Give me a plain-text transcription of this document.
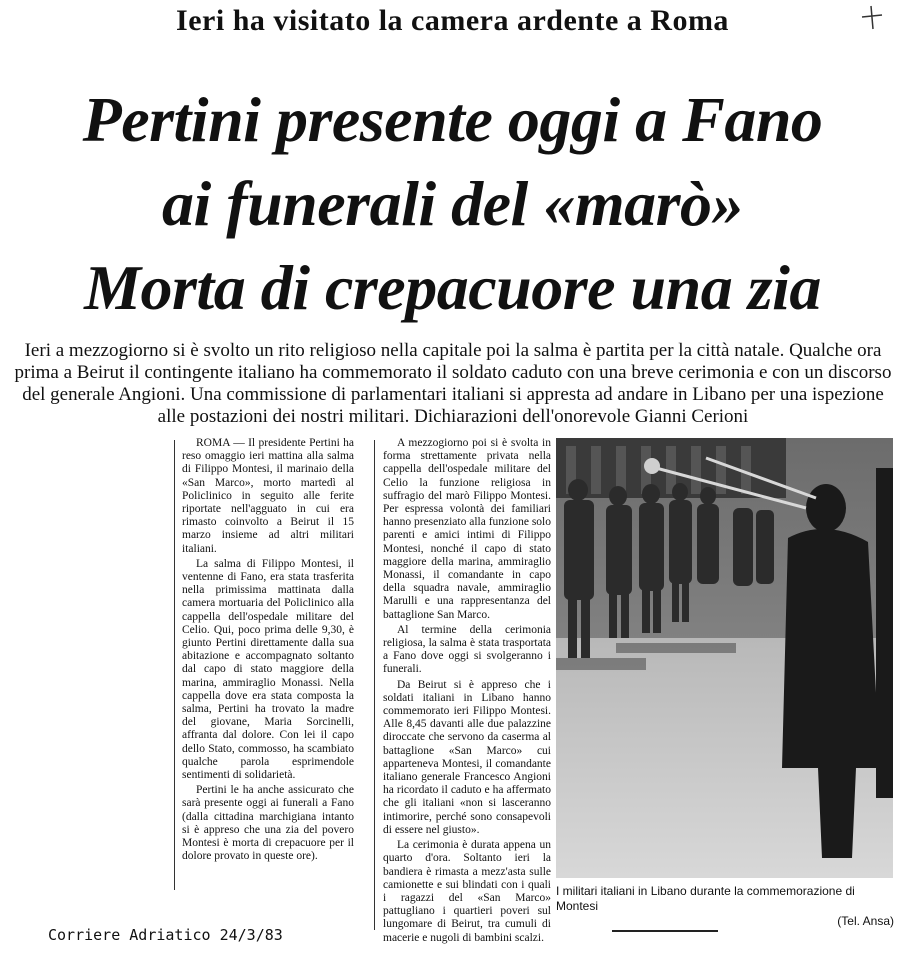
Ieri ha visitato la camera ardente a Roma
Pertini presente oggi a Fano
ai funerali del «marò»
Morta di crepacuore una zia
Ieri a mezzogiorno si è svolto un rito religioso nella capitale poi la salma è partita per la città natale. Qualche ora prima a Beirut il contingente italiano ha commemorato il soldato caduto con una breve cerimonia e con un discorso del generale Angioni. Una commissione di parlamentari italiani si appresta ad andare in Libano per una ispezione alle postazioni dei nostri militari. Dichiarazioni dell'onorevole Gianni Cerioni

ROMA — Il presidente Pertini ha reso omaggio ieri mattina alla salma di Filippo Montesi, il marinaio della «San Marco», morto martedì al Policlinico in seguito alle ferite riportate nell'agguato in cui era rimasto coinvolto a Beirut il 15 marzo insieme ad altri militari italiani.

La salma di Filippo Montesi, il ventenne di Fano, era stata trasferita nella primissima mattinata dalla camera mortuaria del Policlinico alla cappella dell'ospedale militare del Celio. Qui, poco prima delle 9,30, è giunto Pertini direttamente dalla sua abitazione e accompagnato soltanto dal capo di stato maggiore della marina, ammiraglio Monassi. Nella cappella dove era stata composta la salma, Pertini ha trovato la madre del giovane, Maria Sorcinelli, affranta dal dolore. Con lei il capo dello Stato, commosso, ha scambiato qualche parola esprimendole sentimenti di solidarietà.

Pertini le ha anche assicurato che sarà presente oggi ai funerali a Fano (dalla cittadina marchigiana intanto si è appreso che una zia del povero Montesi è morta di crepacuore per il dolore provato in queste ore).

A mezzogiorno poi si è svolta in forma strettamente privata nella cappella dell'ospedale militare del Celio la funzione religiosa in suffragio del marò Filippo Montesi. Per espressa volontà dei familiari hanno presenziato alla funzione solo parenti e amici intimi di Filippo Montesi, nonché il capo di stato maggiore della marina, ammiraglio Monassi, il comandante in capo della squadra navale, ammiraglio Marulli e una rappresentanza del battaglione San Marco.

Al termine della cerimonia religiosa, la salma è stata trasportata a Fano dove oggi si svolgeranno i funerali.

Da Beirut si è appreso che i soldati italiani in Libano hanno commemorato ieri Filippo Montesi. Alle 8,45 davanti alle due palazzine diroccate che servono da caserma al battaglione «San Marco» cui apparteneva Montesi, il comandante italiano generale Francesco Angioni ha ricordato il caduto e ha affermato che gli italiani «non si lasceranno intimorire, perché sono consapevoli di essere nel giusto».

La cerimonia è durata appena un quarto d'ora. Soltanto ieri la bandiera è rimasta a mezz'asta sulle camionette e sui blindati con i quali i ragazzi del «San Marco» pattugliano i quartieri poveri sul lungomare di Beirut, tra cumuli di macerie e nugoli di bambini scalzi.

I militari italiani in Libano durante la commemorazione di Montesi
(Tel. Ansa)
Corriere Adriatico 24/3/83
